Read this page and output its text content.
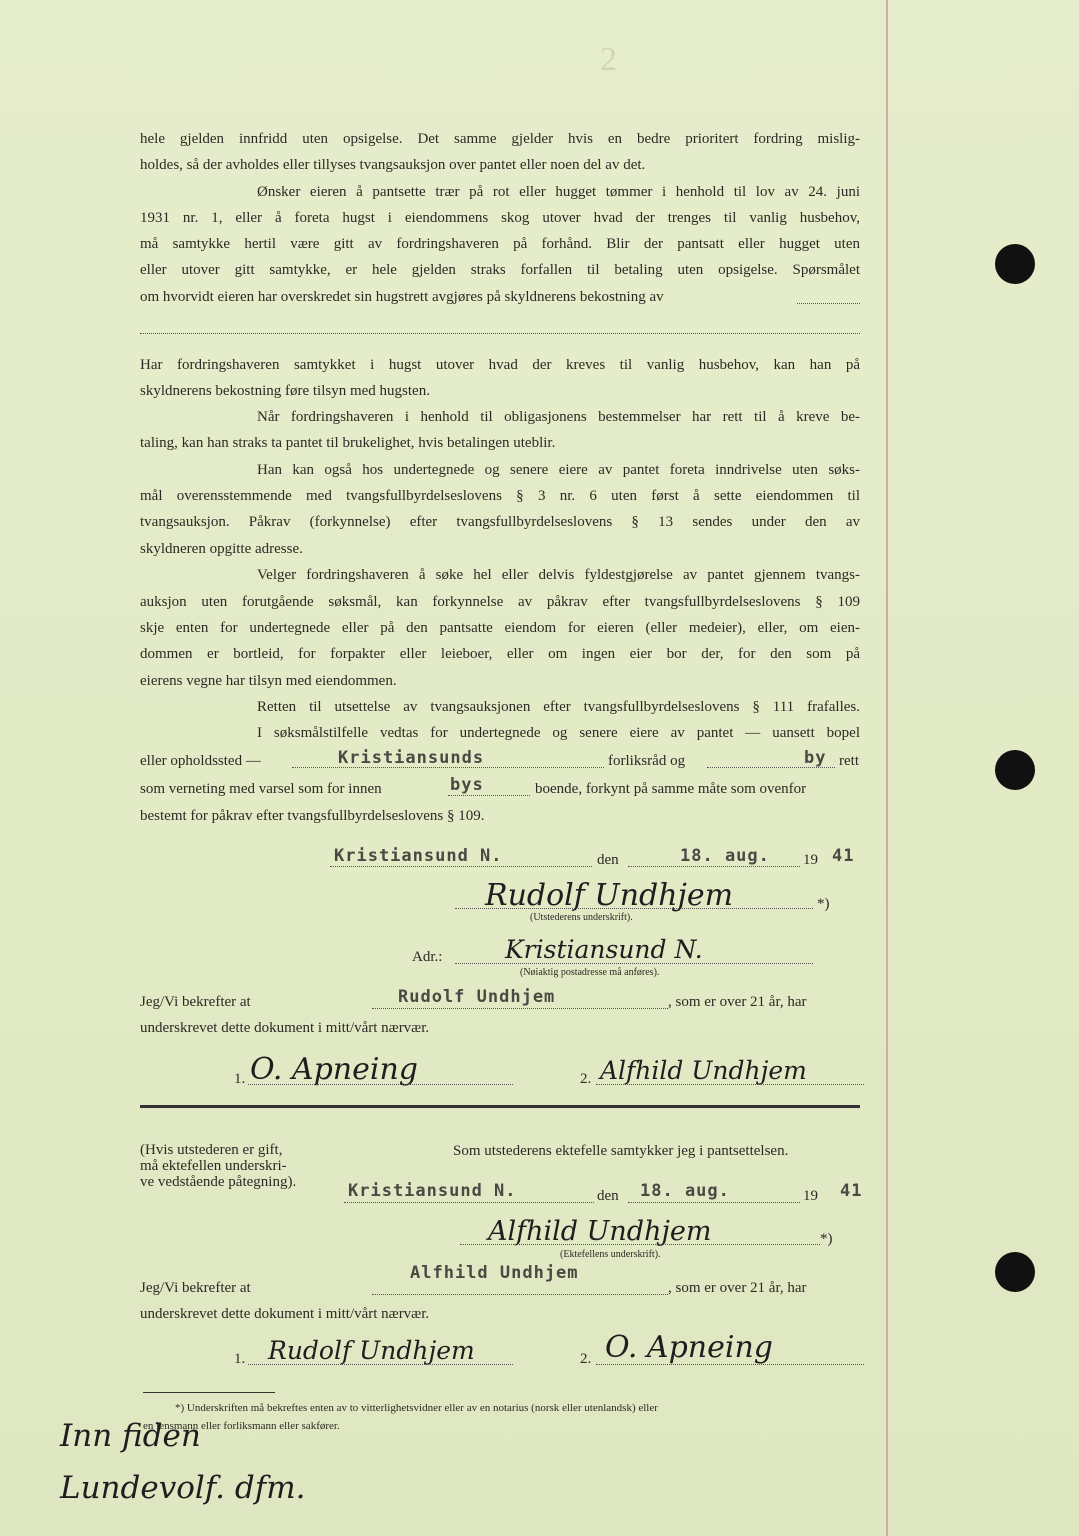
2
hele gjelden innfridd uten opsigelse. Det samme gjelder hvis en bedre prioritert fordring mislig-
holdes, så der avholdes eller tillyses tvangsauksjon over pantet eller noen del av det.
Ønsker eieren å pantsette trær på rot eller hugget tømmer i henhold til lov av 24. juni
1931 nr. 1, eller å foreta hugst i eiendommens skog utover hvad der trenges til vanlig husbehov,
må samtykke hertil være gitt av fordringshaveren på forhånd. Blir der pantsatt eller hugget uten
eller utover gitt samtykke, er hele gjelden straks forfallen til betaling uten opsigelse. Spørsmålet
om hvorvidt eieren har overskredet sin hugstrett avgjøres på skyldnerens bekostning av
Har fordringshaveren samtykket i hugst utover hvad der kreves til vanlig husbehov, kan han på
skyldnerens bekostning føre tilsyn med hugsten.
Når fordringshaveren i henhold til obligasjonens bestemmelser har rett til å kreve be-
taling, kan han straks ta pantet til brukelighet, hvis betalingen uteblir.
Han kan også hos undertegnede og senere eiere av pantet foreta inndrivelse uten søks-
mål overensstemmende med tvangsfullbyrdelseslovens § 3 nr. 6 uten først å sette eiendommen til
tvangsauksjon. Påkrav (forkynnelse) efter tvangsfullbyrdelseslovens § 13 sendes under den av
skyldneren opgitte adresse.
Velger fordringshaveren å søke hel eller delvis fyldestgjørelse av pantet gjennem tvangs-
auksjon uten forutgående søksmål, kan forkynnelse av påkrav efter tvangsfullbyrdelseslovens § 109
skje enten for undertegnede eller på den pantsatte eiendom for eieren (eller medeier), eller, om eien-
dommen er bortleid, for forpakter eller leieboer, eller om ingen eier bor der, for den som på
eierens vegne har tilsyn med eiendommen.
Retten til utsettelse av tvangsauksjonen efter tvangsfullbyrdelseslovens § 111 frafalles.
I søksmålstilfelle vedtas for undertegnede og senere eiere av pantet — uansett bopel
eller opholdssted —	Kristiansunds	forliksråd og	by rett
som verneting med varsel som for innen	bys	boende, forkynt på samme måte som ovenfor
bestemt for påkrav efter tvangsfullbyrdelseslovens § 109.
Kristiansund N.	den	18. aug. 19 41
Rudolf Undhjem	*)
(Utstederens underskrift).
Adr.:	Kristiansund N.
(Nøiaktig postadresse må anføres).
Jeg/Vi bekrefter at	Rudolf Undhjem	, som er over 21 år, har
underskrevet dette dokument i mitt/vårt nærvær.
1. O. Apneing	2. Alfhild Undhjem
(Hvis utstederen er gift,
må ektefellen underskri-
ve vedstående påtegning).
Som utstederens ektefelle samtykker jeg i pantsettelsen.
Kristiansund N.	den 18. aug.	19 41
Alfhild Undhjem	*)
(Ektefellens underskrift).
Jeg/Vi bekrefter at
Alfhild Undhjem
, som er over 21 år, har
underskrevet dette dokument i mitt/vårt nærvær.
1. Rudolf Undhjem	2. O. Apneing
*) Underskriften må bekreftes enten av to vitterlighetsvidner eller av en notarius (norsk eller utenlandsk) eller
en lensmann eller forliksmann eller sakfører.
Inn fiden
Lundevolf. dfm.
